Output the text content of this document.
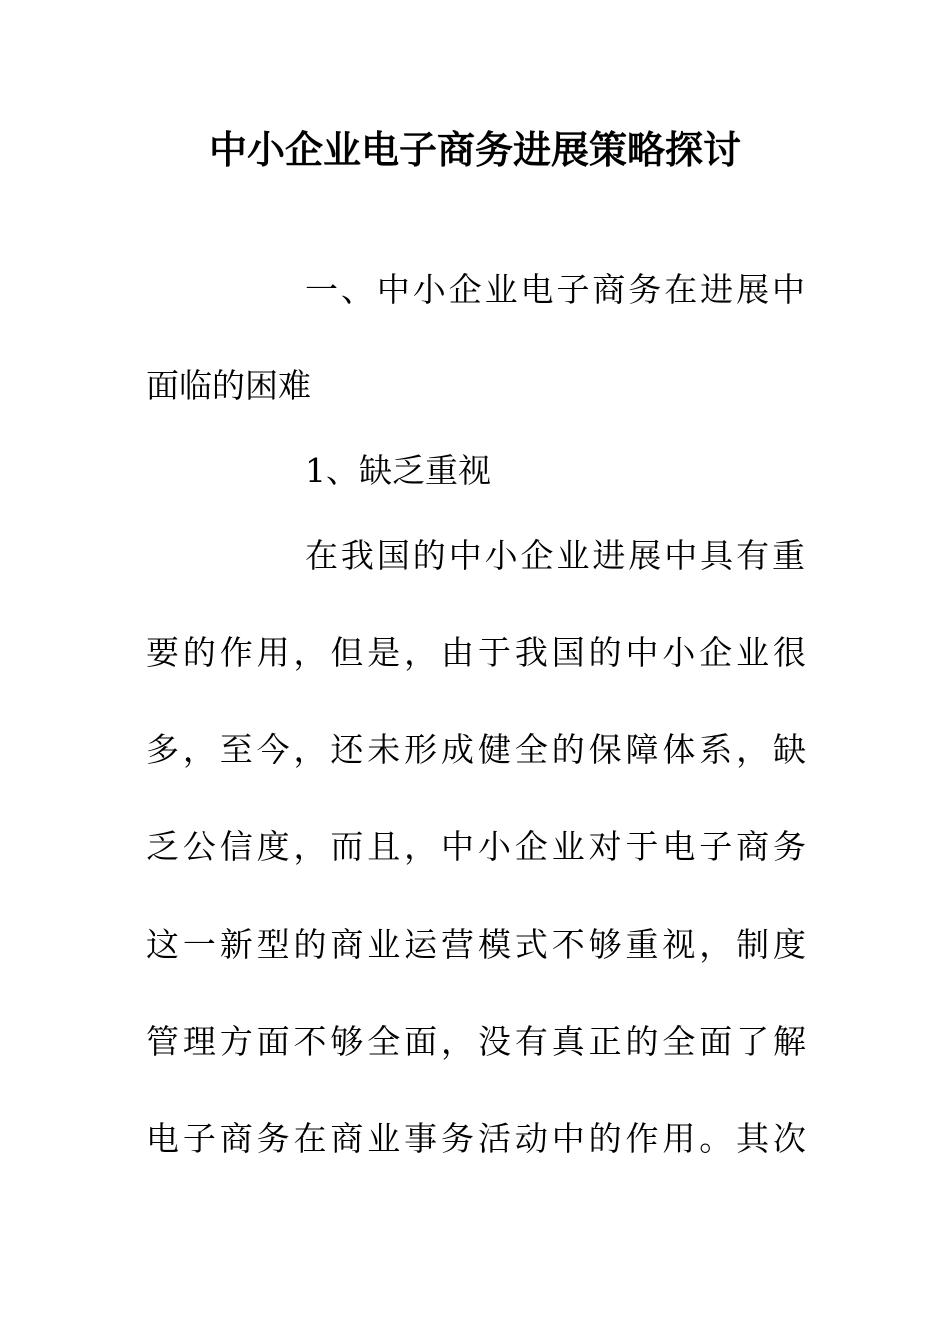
中小企业电子商务进展策略探讨
一、中小企业电子商务在进展中
面临的困难
1、缺乏重视
在我国的中小企业进展中具有重
要的作用，但是，由于我国的中小企业很
多，至今，还未形成健全的保障体系，缺
乏公信度，而且，中小企业对于电子商务
这一新型的商业运营模式不够重视，制度
管理方面不够全面，没有真正的全面了解
电子商务在商业事务活动中的作用。其次
